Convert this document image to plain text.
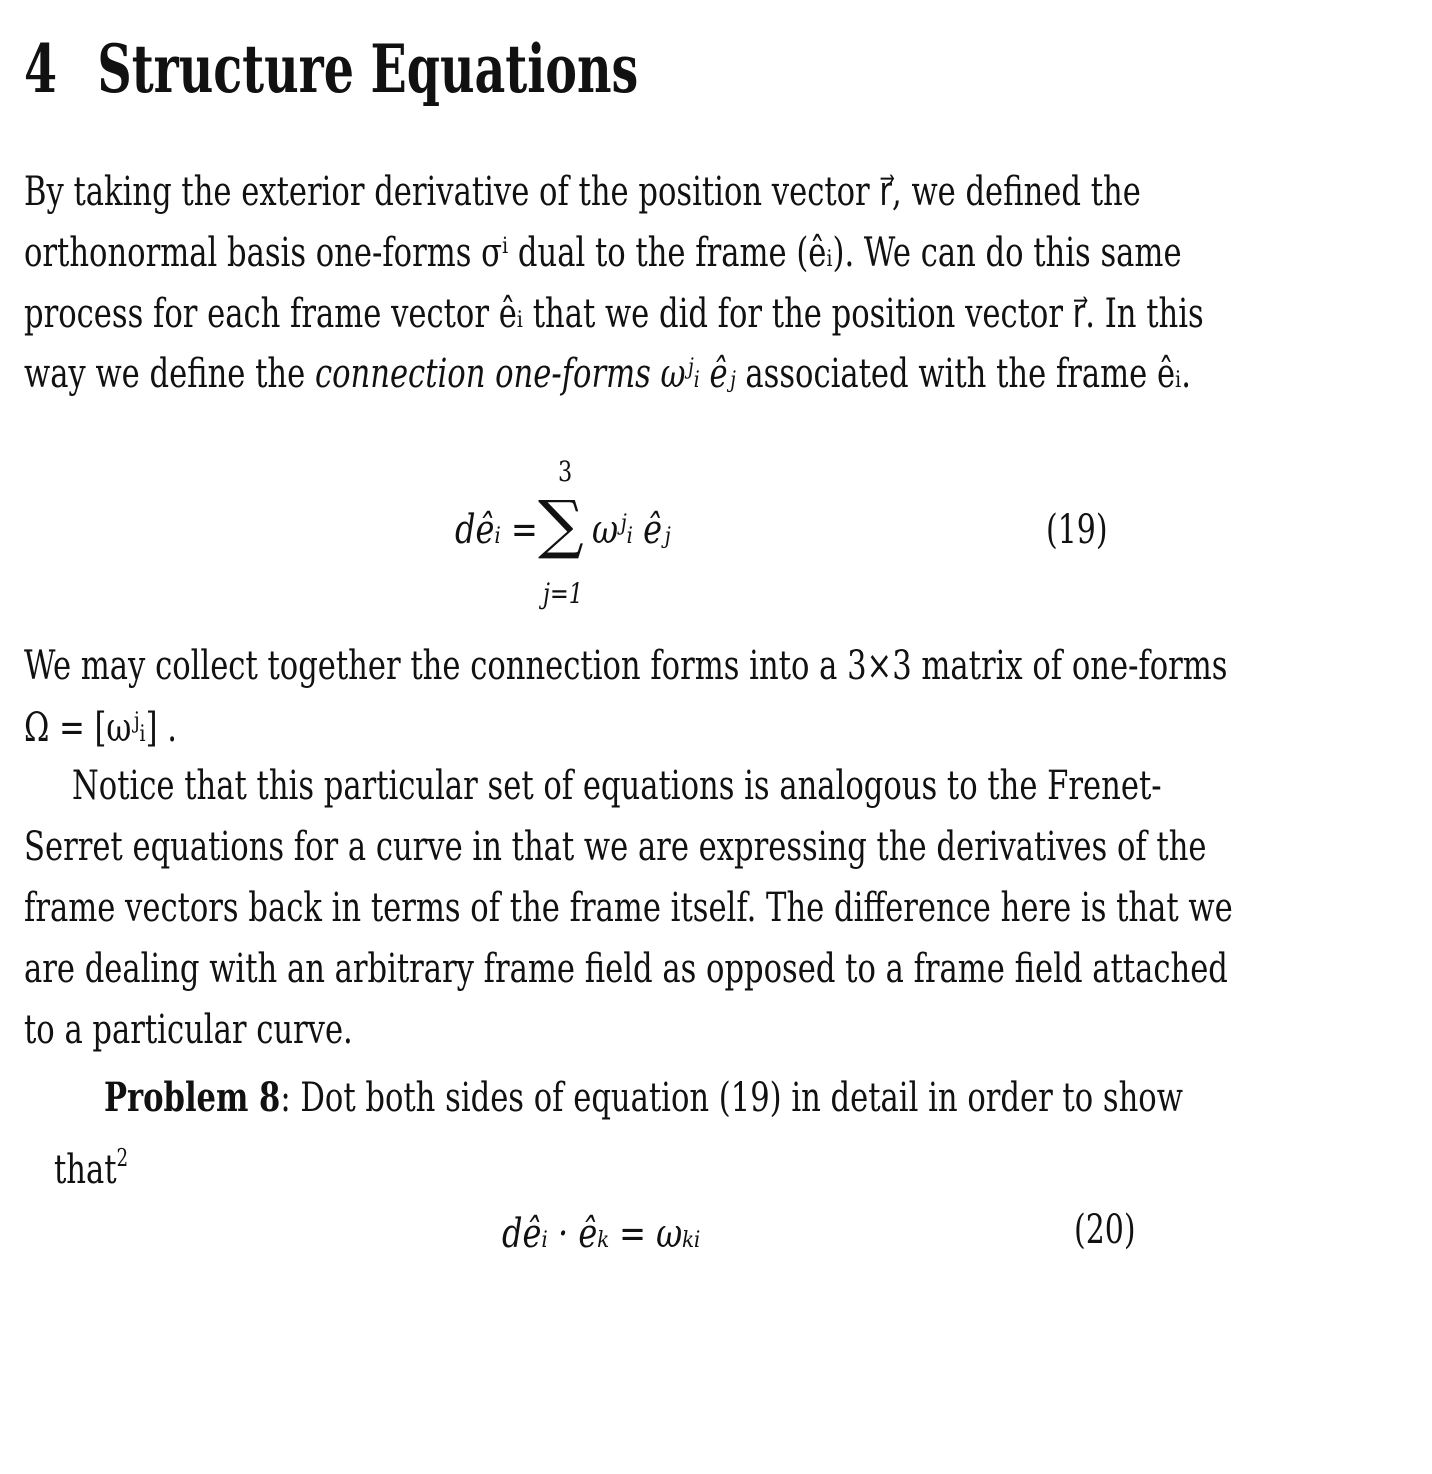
4 Structure Equations
By taking the exterior derivative of the position vector r⃗, we defined the
orthonormal basis one-forms σⁱ dual to the frame (êᵢ). We can do this same
process for each frame vector êᵢ that we did for the position vector r⃗. In this
way we define the connection one-forms ωʲᵢ êⱼ associated with the frame êᵢ.
dêᵢ =
3
∑
j=1
ωʲᵢ êⱼ	(19)
We may collect together the connection forms into a 3×3 matrix of one-forms
Ω = [ωʲᵢ] .
Notice that this particular set of equations is analogous to the Frenet-
Serret equations for a curve in that we are expressing the derivatives of the
frame vectors back in terms of the frame itself. The difference here is that we
are dealing with an arbitrary frame field as opposed to a frame field attached
to a particular curve.
Problem 8: Dot both sides of equation (19) in detail in order to show
that$^2$
dêᵢ · êₖ = ωₖᵢ	(20)
